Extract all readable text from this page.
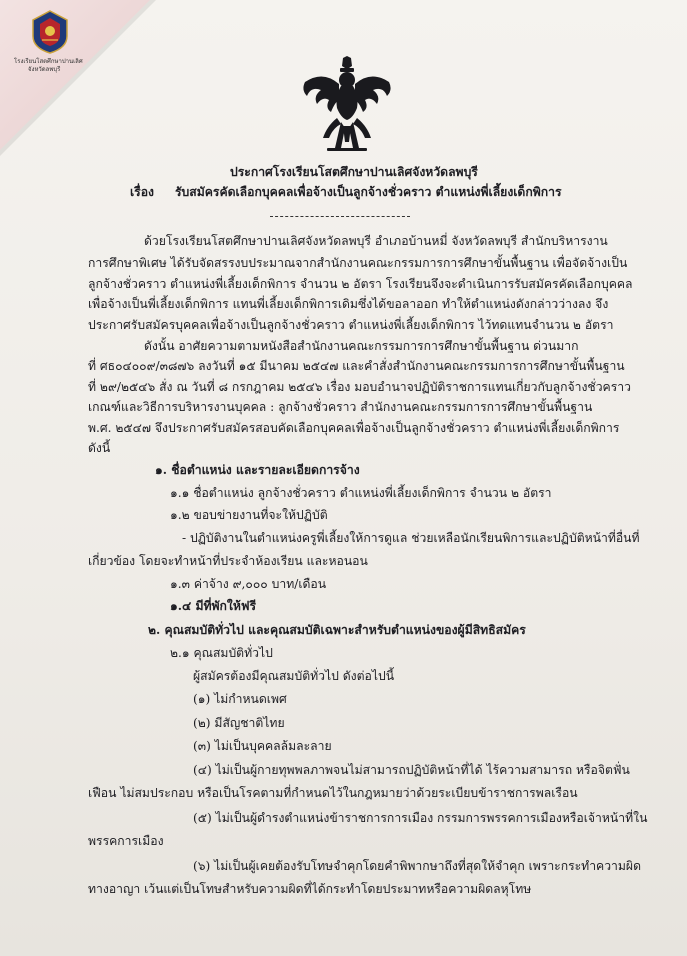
โรงเรียนโสตศึกษาปานเลิศ
จังหวัดลพบุรี
ประกาศโรงเรียนโสตศึกษาปานเลิศจังหวัดลพบุรี
เรื่อง รับสมัครคัดเลือกบุคคลเพื่อจ้างเป็นลูกจ้างชั่วคราว ตำแหน่งพี่เลี้ยงเด็กพิการ
ด้วยโรงเรียนโสตศึกษาปานเลิศจังหวัดลพบุรี อำเภอบ้านหมี่ จังหวัดลพบุรี สำนักบริหารงาน
การศึกษาพิเศษ ได้รับจัดสรรงบประมาณจากสำนักงานคณะกรรมการการศึกษาขั้นพื้นฐาน เพื่อจัดจ้างเป็น
ลูกจ้างชั่วคราว ตำแหน่งพี่เลี้ยงเด็กพิการ จำนวน ๒ อัตรา โรงเรียนจึงจะดำเนินการรับสมัครคัดเลือกบุคคล
เพื่อจ้างเป็นพี่เลี้ยงเด็กพิการ แทนพี่เลี้ยงเด็กพิการเดิมซึ่งได้ขอลาออก ทำให้ตำแหน่งดังกล่าวว่างลง จึง
ประกาศรับสมัครบุคคลเพื่อจ้างเป็นลูกจ้างชั่วคราว ตำแหน่งพี่เลี้ยงเด็กพิการ ไว้ทดแทนจำนวน ๒ อัตรา
ดังนั้น อาศัยความตามหนังสือสำนักงานคณะกรรมการการศึกษาขั้นพื้นฐาน ด่วนมาก
ที่ ศธ๐๔๐๐๙/๓๘๗๖ ลงวันที่ ๑๕ มีนาคม ๒๕๔๗ และคำสั่งสำนักงานคณะกรรมการการศึกษาขั้นพื้นฐาน
ที่ ๒๙/๒๕๔๖ สั่ง ณ วันที่ ๘ กรกฎาคม ๒๕๔๖ เรื่อง มอบอำนาจปฏิบัติราชการแทนเกี่ยวกับลูกจ้างชั่วคราว
เกณฑ์และวิธีการบริหารงานบุคคล : ลูกจ้างชั่วคราว สำนักงานคณะกรรมการการศึกษาขั้นพื้นฐาน
พ.ศ. ๒๕๔๗ จึงประกาศรับสมัครสอบคัดเลือกบุคคลเพื่อจ้างเป็นลูกจ้างชั่วคราว ตำแหน่งพี่เลี้ยงเด็กพิการ
ดังนี้
๑. ชื่อตำแหน่ง และรายละเอียดการจ้าง
๑.๑ ชื่อตำแหน่ง ลูกจ้างชั่วคราว ตำแหน่งพี่เลี้ยงเด็กพิการ จำนวน ๒ อัตรา
๑.๒ ขอบข่ายงานที่จะให้ปฏิบัติ
- ปฏิบัติงานในตำแหน่งครูพี่เลี้ยงให้การดูแล ช่วยเหลือนักเรียนพิการและปฏิบัติหน้าที่อื่นที่
เกี่ยวข้อง โดยจะทำหน้าที่ประจำห้องเรียน และหอนอน
๑.๓ ค่าจ้าง ๙,๐๐๐ บาท/เดือน
๑.๔ มีที่พักให้ฟรี
๒. คุณสมบัติทั่วไป และคุณสมบัติเฉพาะสำหรับตำแหน่งของผู้มีสิทธิสมัคร
๒.๑ คุณสมบัติทั่วไป
ผู้สมัครต้องมีคุณสมบัติทั่วไป ดังต่อไปนี้
(๑) ไม่กำหนดเพศ
(๒) มีสัญชาติไทย
(๓) ไม่เป็นบุคคลล้มละลาย
(๔) ไม่เป็นผู้กายทุพพลภาพจนไม่สามารถปฏิบัติหน้าที่ได้ ไร้ความสามารถ หรือจิตฟั่น
เฟือน ไม่สมประกอบ หรือเป็นโรคตามที่กำหนดไว้ในกฎหมายว่าด้วยระเบียบข้าราชการพลเรือน
(๕) ไม่เป็นผู้ดำรงตำแหน่งข้าราชการการเมือง กรรมการพรรคการเมืองหรือเจ้าหน้าที่ใน
พรรคการเมือง
(๖) ไม่เป็นผู้เคยต้องรับโทษจำคุกโดยคำพิพากษาถึงที่สุดให้จำคุก เพราะกระทำความผิด
ทางอาญา เว้นแต่เป็นโทษสำหรับความผิดที่ได้กระทำโดยประมาทหรือความผิดลหุโทษ
